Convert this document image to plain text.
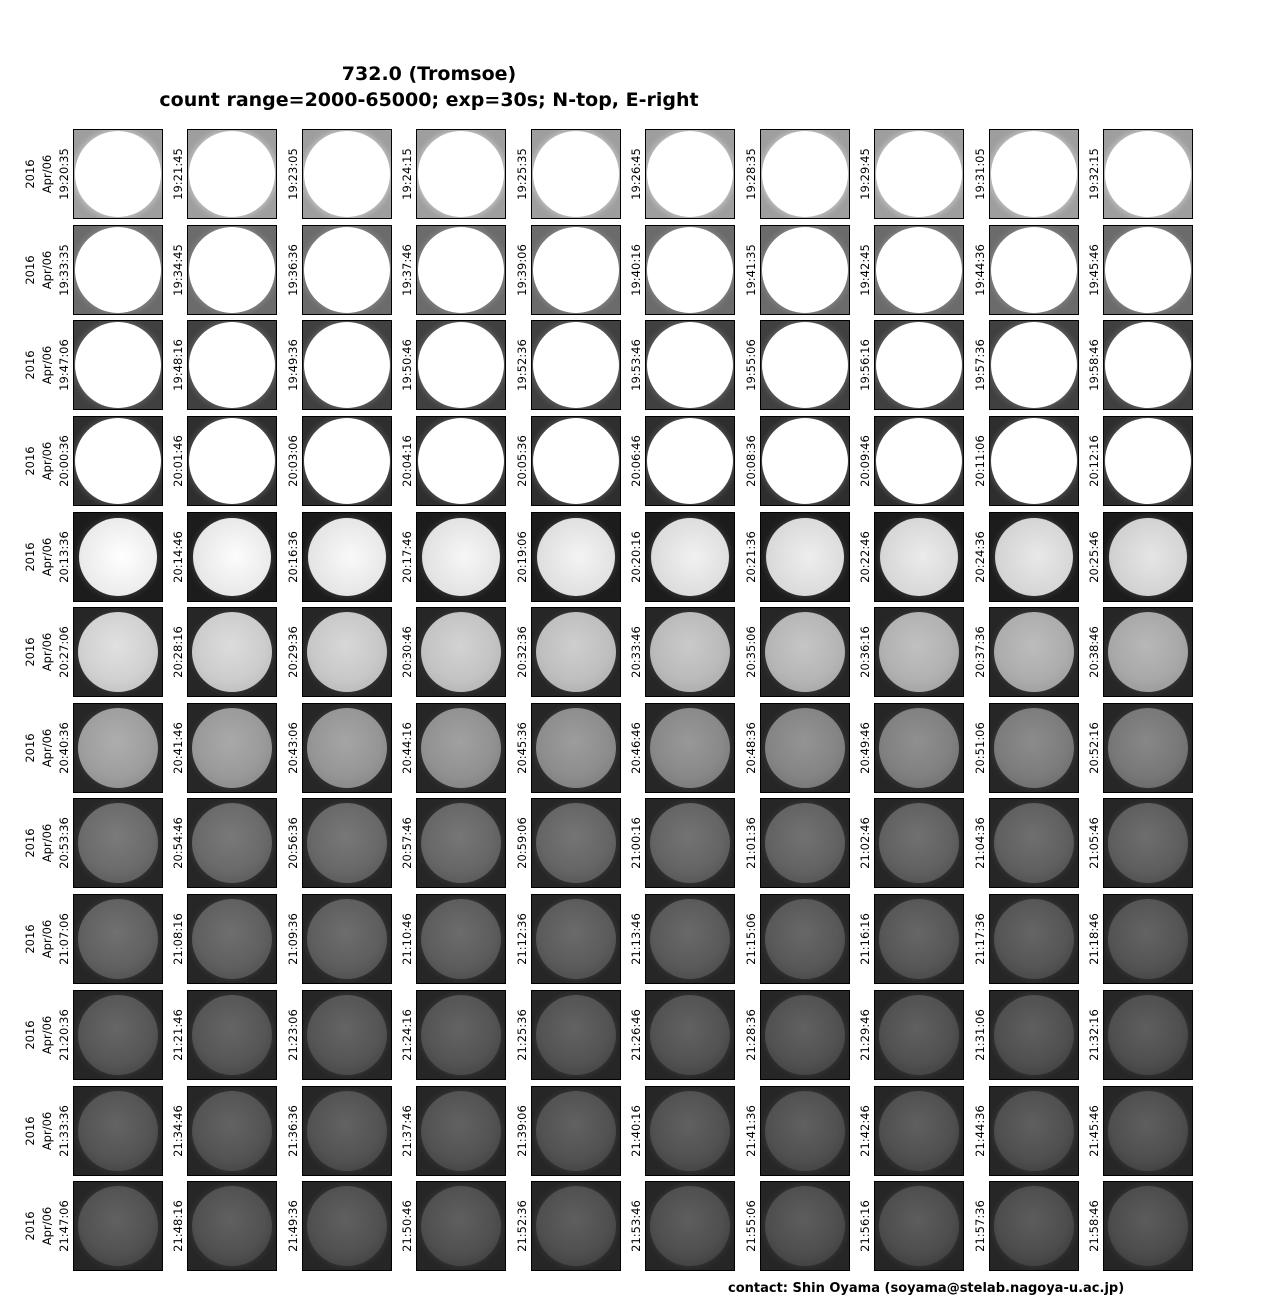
732.0 (Tromsoe)
count range=2000-65000; exp=30s; N-top, E-right
2016 Apr/06 19:20:35	19:21:45	19:23:05	19:24:15	19:25:35	19:26:45	19:28:35	19:29:45	19:31:05	19:32:15
2016 Apr/06 19:33:35	19:34:45	19:36:36	19:37:46	19:39:06	19:40:16	19:41:35	19:42:45	19:44:36	19:45:46
2016 Apr/06 19:47:06	19:48:16	19:49:36	19:50:46	19:52:36	19:53:46	19:55:06	19:56:16	19:57:36	19:58:46
2016 Apr/06 20:00:36	20:01:46	20:03:06	20:04:16	20:05:36	20:06:46	20:08:36	20:09:46	20:11:06	20:12:16
2016 Apr/06 20:13:36	20:14:46	20:16:36	20:17:46	20:19:06	20:20:16	20:21:36	20:22:46	20:24:36	20:25:46
2016 Apr/06 20:27:06	20:28:16	20:29:36	20:30:46	20:32:36	20:33:46	20:35:06	20:36:16	20:37:36	20:38:46
2016 Apr/06 20:40:36	20:41:46	20:43:06	20:44:16	20:45:36	20:46:46	20:48:36	20:49:46	20:51:06	20:52:16
2016 Apr/06 20:53:36	20:54:46	20:56:36	20:57:46	20:59:06	21:00:16	21:01:36	21:02:46	21:04:36	21:05:46
2016 Apr/06 21:07:06	21:08:16	21:09:36	21:10:46	21:12:36	21:13:46	21:15:06	21:16:16	21:17:36	21:18:46
2016 Apr/06 21:20:36	21:21:46	21:23:06	21:24:16	21:25:36	21:26:46	21:28:36	21:29:46	21:31:06	21:32:16
2016 Apr/06 21:33:36	21:34:46	21:36:36	21:37:46	21:39:06	21:40:16	21:41:36	21:42:46	21:44:36	21:45:46
2016 Apr/06 21:47:06	21:48:16	21:49:36	21:50:46	21:52:36	21:53:46	21:55:06	21:56:16	21:57:36	21:58:46
contact: Shin Oyama (soyama@stelab.nagoya-u.ac.jp)
